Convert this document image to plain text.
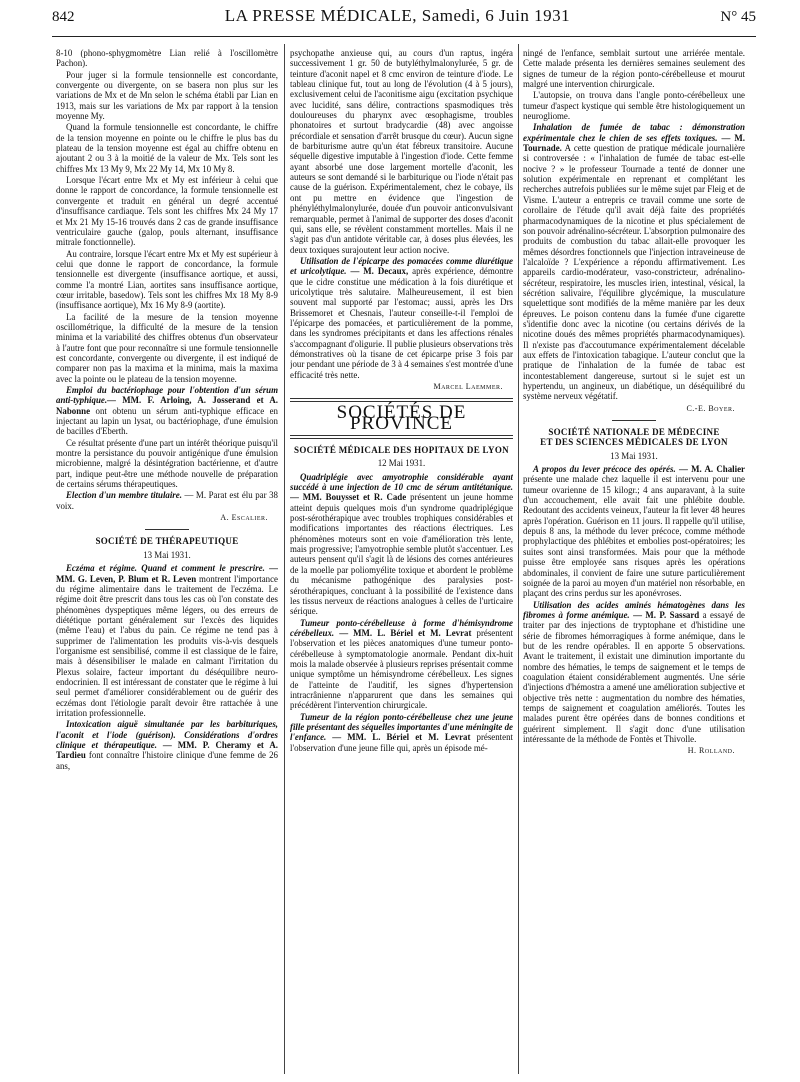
842	LA PRESSE MÉDICALE, Samedi, 6 Juin 1931	N° 45

8-10 (phono-sphygmomètre Lian relié à l'oscillomètre Pachon).

Pour juger si la formule tensionnelle est concordante, convergente ou divergente, on se basera non plus sur les variations de Mx et de Mn selon le schéma établi par Lian en 1913, mais sur les variations de Mx par rapport à la tension moyenne My.

Quand la formule tensionnelle est concordante, le chiffre de la tension moyenne en pointe ou le chiffre le plus bas du plateau de la tension moyenne est égal au chiffre obtenu en ajoutant 2 ou 3 à la moitié de la valeur de Mx. Tels sont les chiffres Mx 13 My 9, Mx 22 My 14, Mx 10 My 8.

Lorsque l'écart entre Mx et My est inférieur à celui que donne le rapport de concordance, la formule tensionnelle est convergente et traduit en général un degré accentué d'insuffisance cardiaque. Tels sont les chiffres Mx 24 My 17 et Mx 21 My 15-16 trouvés dans 2 cas de grande insuffisance ventriculaire gauche (galop, pouls alternant, insuffisance mitrale fonctionnelle).

Au contraire, lorsque l'écart entre Mx et My est supérieur à celui que donne le rapport de concordance, la formule tensionnelle est divergente (insuffisance aortique, et aussi, comme l'a montré Lian, aortites sans insuffisance aortique, cœur irritable, basedow). Tels sont les chiffres Mx 18 My 8-9 (insuffisance aortique), Mx 16 My 8-9 (aortite).

La facilité de la mesure de la tension moyenne oscillométrique, la difficulté de la mesure de la tension minima et la variabilité des chiffres obtenus d'un observateur à l'autre font que pour reconnaître si une formule tensionnelle est concordante, convergente ou divergente, il est indiqué de comparer non pas la maxima et la minima, mais la maxima avec la pointe ou le plateau de la tension moyenne.

Emploi du bactériophage pour l'obtention d'un sérum anti-typhique.— MM. F. Arloing, A. Josserand et A. Nabonne ont obtenu un sérum anti-typhique efficace en injectant au lapin un lysat, ou bactériophage, d'une émulsion de bacilles d'Eberth.

Ce résultat présente d'une part un intérêt théorique puisqu'il montre la persistance du pouvoir antigénique d'une émulsion microbienne, malgré la désintégration bactérienne, et d'autre part, indique peut-être une méthode nouvelle de préparation de certains sérums thérapeutiques.

Election d'un membre titulaire. — M. Parat est élu par 38 voix.

A. Escalier.
SOCIÉTÉ DE THÉRAPEUTIQUE
13 Mai 1931.

Eczéma et régime. Quand et comment le prescrire. — MM. G. Leven, P. Blum et R. Leven montrent l'importance du régime alimentaire dans le traitement de l'eczéma. Le régime doit être prescrit dans tous les cas où l'on constate des phénomènes dyspeptiques même légers, ou des erreurs de diététique portant généralement sur l'excès des liquides (même l'eau) et l'abus du pain. Ce régime ne tend pas à supprimer de l'alimentation les produits vis-à-vis desquels l'organisme est sensibilisé, comme il est classique de le faire, mais à désensibiliser le malade en calmant l'irritation du Plexus solaire, facteur important du déséquilibre neuro-endocrinien. Il est intéressant de constater que le régime à lui seul permet d'améliorer considérablement ou de guérir des eczémas dont l'étiologie paraît devoir être rattachée à une irritation professionnelle.

Intoxication aiguë simultanée par les barbituriques, l'aconit et l'iode (guérison). Considérations d'ordres clinique et thérapeutique. — MM. P. Cheramy et A. Tardieu font connaître l'histoire clinique d'une femme de 26 ans,

psychopathe anxieuse qui, au cours d'un raptus, ingéra successivement 1 gr. 50 de butyléthylmalonylurée, 5 gr. de teinture d'aconit napel et 8 cmc environ de teinture d'iode. Le tableau clinique fut, tout au long de l'évolution (4 à 5 jours), exclusivement celui de l'aconitisme aigu (excitation psychique avec lucidité, sans délire, contractions spasmodiques très douloureuses du pharynx avec œsophagisme, troubles phonatoires et surtout bradycardie (48) avec angoisse précordiale et sensation d'arrêt brusque du cœur). Aucun signe de barbiturisme autre qu'un état fébreux transitoire. Aucune séquelle digestive imputable à l'ingestion d'iode. Cette femme ayant absorbé une dose largement mortelle d'aconit, les auteurs se sont demandé si le barbiturique ou l'iode n'était pas cause de la guérison. Expérimentalement, chez le cobaye, ils ont pu mettre en évidence que l'ingestion de phényléthylmalonylurée, douée d'un pouvoir anticonvulsivant remarquable, permet à l'animal de supporter des doses d'aconit qui, sans elle, se révèlent constamment mortelles. Mais il ne s'agit pas d'un antidote véritable car, à doses plus élevées, les deux toxiques surajoutent leur action nocive.

Utilisation de l'épicarpe des pomacées comme diurétique et uricolytique. — M. Decaux, après expérience, démontre que le cidre constitue une médication à la fois diurétique et uricolytique très salutaire. Malheureusement, il est bien souvent mal supporté par l'estomac; aussi, après les Drs Brissemoret et Chesnais, l'auteur conseille-t-il l'emploi de l'épicarpe des pomacées, et particulièrement de la pomme, dans les syndromes précipitants et dans les affections rénales s'accompagnant d'oligurie. Il publie plusieurs observations très démonstratives où la tisane de cet épicarpe prise 3 fois par jour pendant une période de 3 à 4 semaines s'est montrée d'une efficacité très nette.

Marcel Laemmer.
SOCIÉTÉS DE PROVINCE
SOCIÉTÉ MÉDICALE DES HOPITAUX DE LYON
12 Mai 1931.

Quadriplégie avec amyotrophie considérable ayant succédé à une injection de 10 cmc de sérum antitétanique. — MM. Bouysset et R. Cade présentent un jeune homme atteint depuis quelques mois d'un syndrome quadriplégique post-sérothérapique avec troubles trophiques considérables et modifications importantes des réactions électriques. Les phénomènes moteurs sont en voie d'amélioration très lente, mais progressive; l'amyotrophie semble plutôt s'accentuer. Les auteurs pensent qu'il s'agit là de lésions des cornes antérieures de la moelle par poliomyélite toxique et abordent le problème du mécanisme pathogénique des paralysies post-sérothérapiques, concluant à la possibilité de l'existence dans les tissus nerveux de réactions analogues à celles de l'urticaire sérique.

Tumeur ponto-cérébelleuse à forme d'hémisyndrome cérébelleux. — MM. L. Bériel et M. Levrat présentent l'observation et les pièces anatomiques d'une tumeur ponto-cérébelleuse à symptomatologie anormale. Pendant dix-huit mois la malade observée à plusieurs reprises présentait comme unique symptôme un hémisyndrome cérébelleux. Les signes de l'atteinte de l'auditif, les signes d'hypertension intracrânienne n'apparurent que dans les semaines qui précédèrent l'intervention chirurgicale.

Tumeur de la région ponto-cérébelleuse chez une jeune fille présentant des séquelles importantes d'une méningite de l'enfance. — MM. L. Bériel et M. Levrat présentent l'observation d'une jeune fille qui, après un épisode mé-

ningé de l'enfance, semblait surtout une arriérée mentale. Cette malade présenta les dernières semaines seulement des signes de tumeur de la région ponto-cérébelleuse et mourut malgré une intervention chirurgicale.

L'autopsie, on trouva dans l'angle ponto-cérébelleux une tumeur d'aspect kystique qui semble être histologiquement un neurogliome.

Inhalation de fumée de tabac : démonstration expérimentale chez le chien de ses effets toxiques. — M. Tournade. A cette question de pratique médicale journalière si controversée : « l'inhalation de fumée de tabac est-elle nocive ? » le professeur Tournade a tenté de donner une solution expérimentale en reprenant et complétant les recherches autrefois publiées sur le même sujet par Fleig et de Visme. L'auteur a entrepris ce travail comme une sorte de corollaire de l'étude qu'il avait déjà faite des propriétés pharmacodynamiques de la nicotine et plus spécialement de son pouvoir adrénalino-sécréteur. L'absorption pulmonaire des produits de combustion du tabac allait-elle provoquer les mêmes désordres fonctionnels que l'injection intraveineuse de l'alcaloïde ? L'expérience a répondu affirmativement. Les appareils cardio-modérateur, vaso-constricteur, adrénalino-sécréteur, respiratoire, les muscles irien, intestinal, vésical, la sécrétion salivaire, l'équilibre glycémique, la musculature squelettique sont modifiés de la même manière par les deux épreuves. Le poison contenu dans la fumée d'une cigarette s'identifie donc avec la nicotine (ou certains dérivés de la nicotine doués des mêmes propriétés pharmacodynamiques). Il n'existe pas d'accoutumance expérimentalement décelable aux effets de l'intoxication tabagique. L'auteur conclut que la pratique de l'inhalation de la fumée de tabac est incontestablement dangereuse, surtout si le sujet est un hypertendu, un angineux, un diabétique, un déséquilibré du système nerveux végétatif.

C.-E. Boyer.
SOCIÉTÉ NATIONALE DE MÉDECINE
ET DES SCIENCES MÉDICALES DE LYON
13 Mai 1931.

A propos du lever précoce des opérés. — M. A. Chalier présente une malade chez laquelle il est intervenu pour une tumeur ovarienne de 15 kilogr.; 4 ans auparavant, à la suite d'un accouchement, elle avait fait une phlébite double. Redoutant des accidents veineux, l'auteur la fit lever 48 heures après l'opération. Guérison en 11 jours. Il rappelle qu'il utilise, depuis 8 ans, la méthode du lever précoce, comme méthode prophylactique des phlébites et embolies post-opératoires; les suites sont ainsi transformées. Mais pour que la méthode puisse être employée sans risques après les opérations abdominales, il convient de faire une suture particulièrement soignée de la paroi au moyen d'un matériel non résorbable, en plaçant des crins perdus sur les aponévroses.

Utilisation des acides aminés hématogènes dans les fibromes à forme anémique. — M. P. Sassard a essayé de traiter par des injections de tryptophane et d'histidine une série de fibromes hémorragiques à forme anémique, dans le but de les rendre opérables. Il en apporte 5 observations. Avant le traitement, il existait une diminution importante du nombre des hématies, le temps de saignement et le temps de coagulation étaient considérablement augmentés. Une série d'injections d'hémostra a amené une amélioration subjective et objective très nette : augmentation du nombre des hématies, temps de saignement et coagulation améliorés. Toutes les malades purent être opérées dans de bonnes conditions et guérirent simplement. Il s'agit donc d'une utilisation intéressante de la méthode de Fontès et Thivolle.

H. Rolland.
